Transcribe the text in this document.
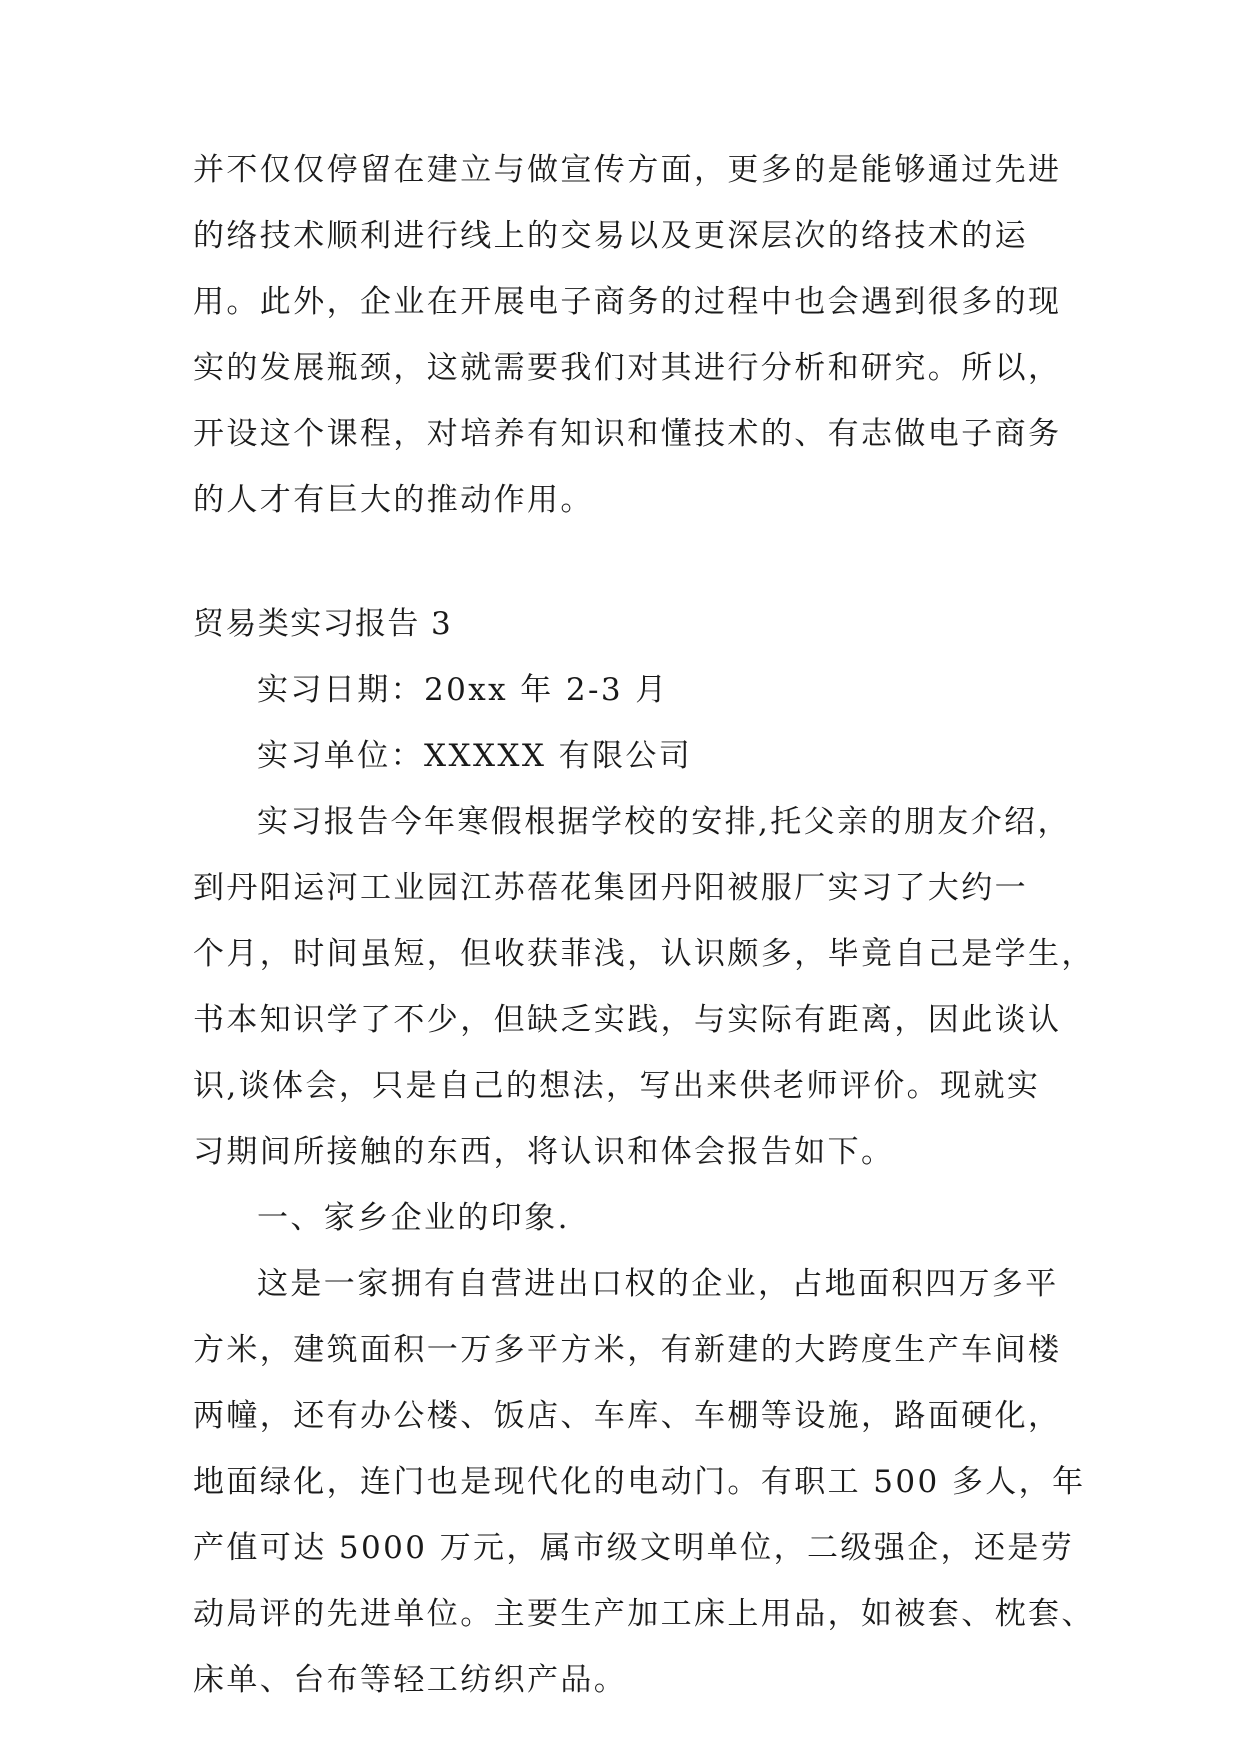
并不仅仅停留在建立与做宣传方面，更多的是能够通过先进

的络技术顺利进行线上的交易以及更深层次的络技术的运

用。此外，企业在开展电子商务的过程中也会遇到很多的现

实的发展瓶颈，这就需要我们对其进行分析和研究。所以，

开设这个课程，对培养有知识和懂技术的、有志做电子商务

的人才有巨大的推动作用。

贸易类实习报告 3

实习日期：20xx 年 2-3 月

实习单位：XXXXX 有限公司

实习报告今年寒假根据学校的安排,托父亲的朋友介绍，

到丹阳运河工业园江苏蓓花集团丹阳被服厂实习了大约一

个月，时间虽短，但收获菲浅，认识颇多，毕竟自己是学生，

书本知识学了不少，但缺乏实践，与实际有距离，因此谈认

识,谈体会，只是自己的想法，写出来供老师评价。现就实

习期间所接触的东西，将认识和体会报告如下。

一、家乡企业的印象.

这是一家拥有自营进出口权的企业，占地面积四万多平

方米，建筑面积一万多平方米，有新建的大跨度生产车间楼

两幢，还有办公楼、饭店、车库、车棚等设施，路面硬化，

地面绿化，连门也是现代化的电动门。有职工 500 多人，年

产值可达 5000 万元，属市级文明单位，二级强企，还是劳

动局评的先进单位。主要生产加工床上用品，如被套、枕套、

床单、台布等轻工纺织产品。
